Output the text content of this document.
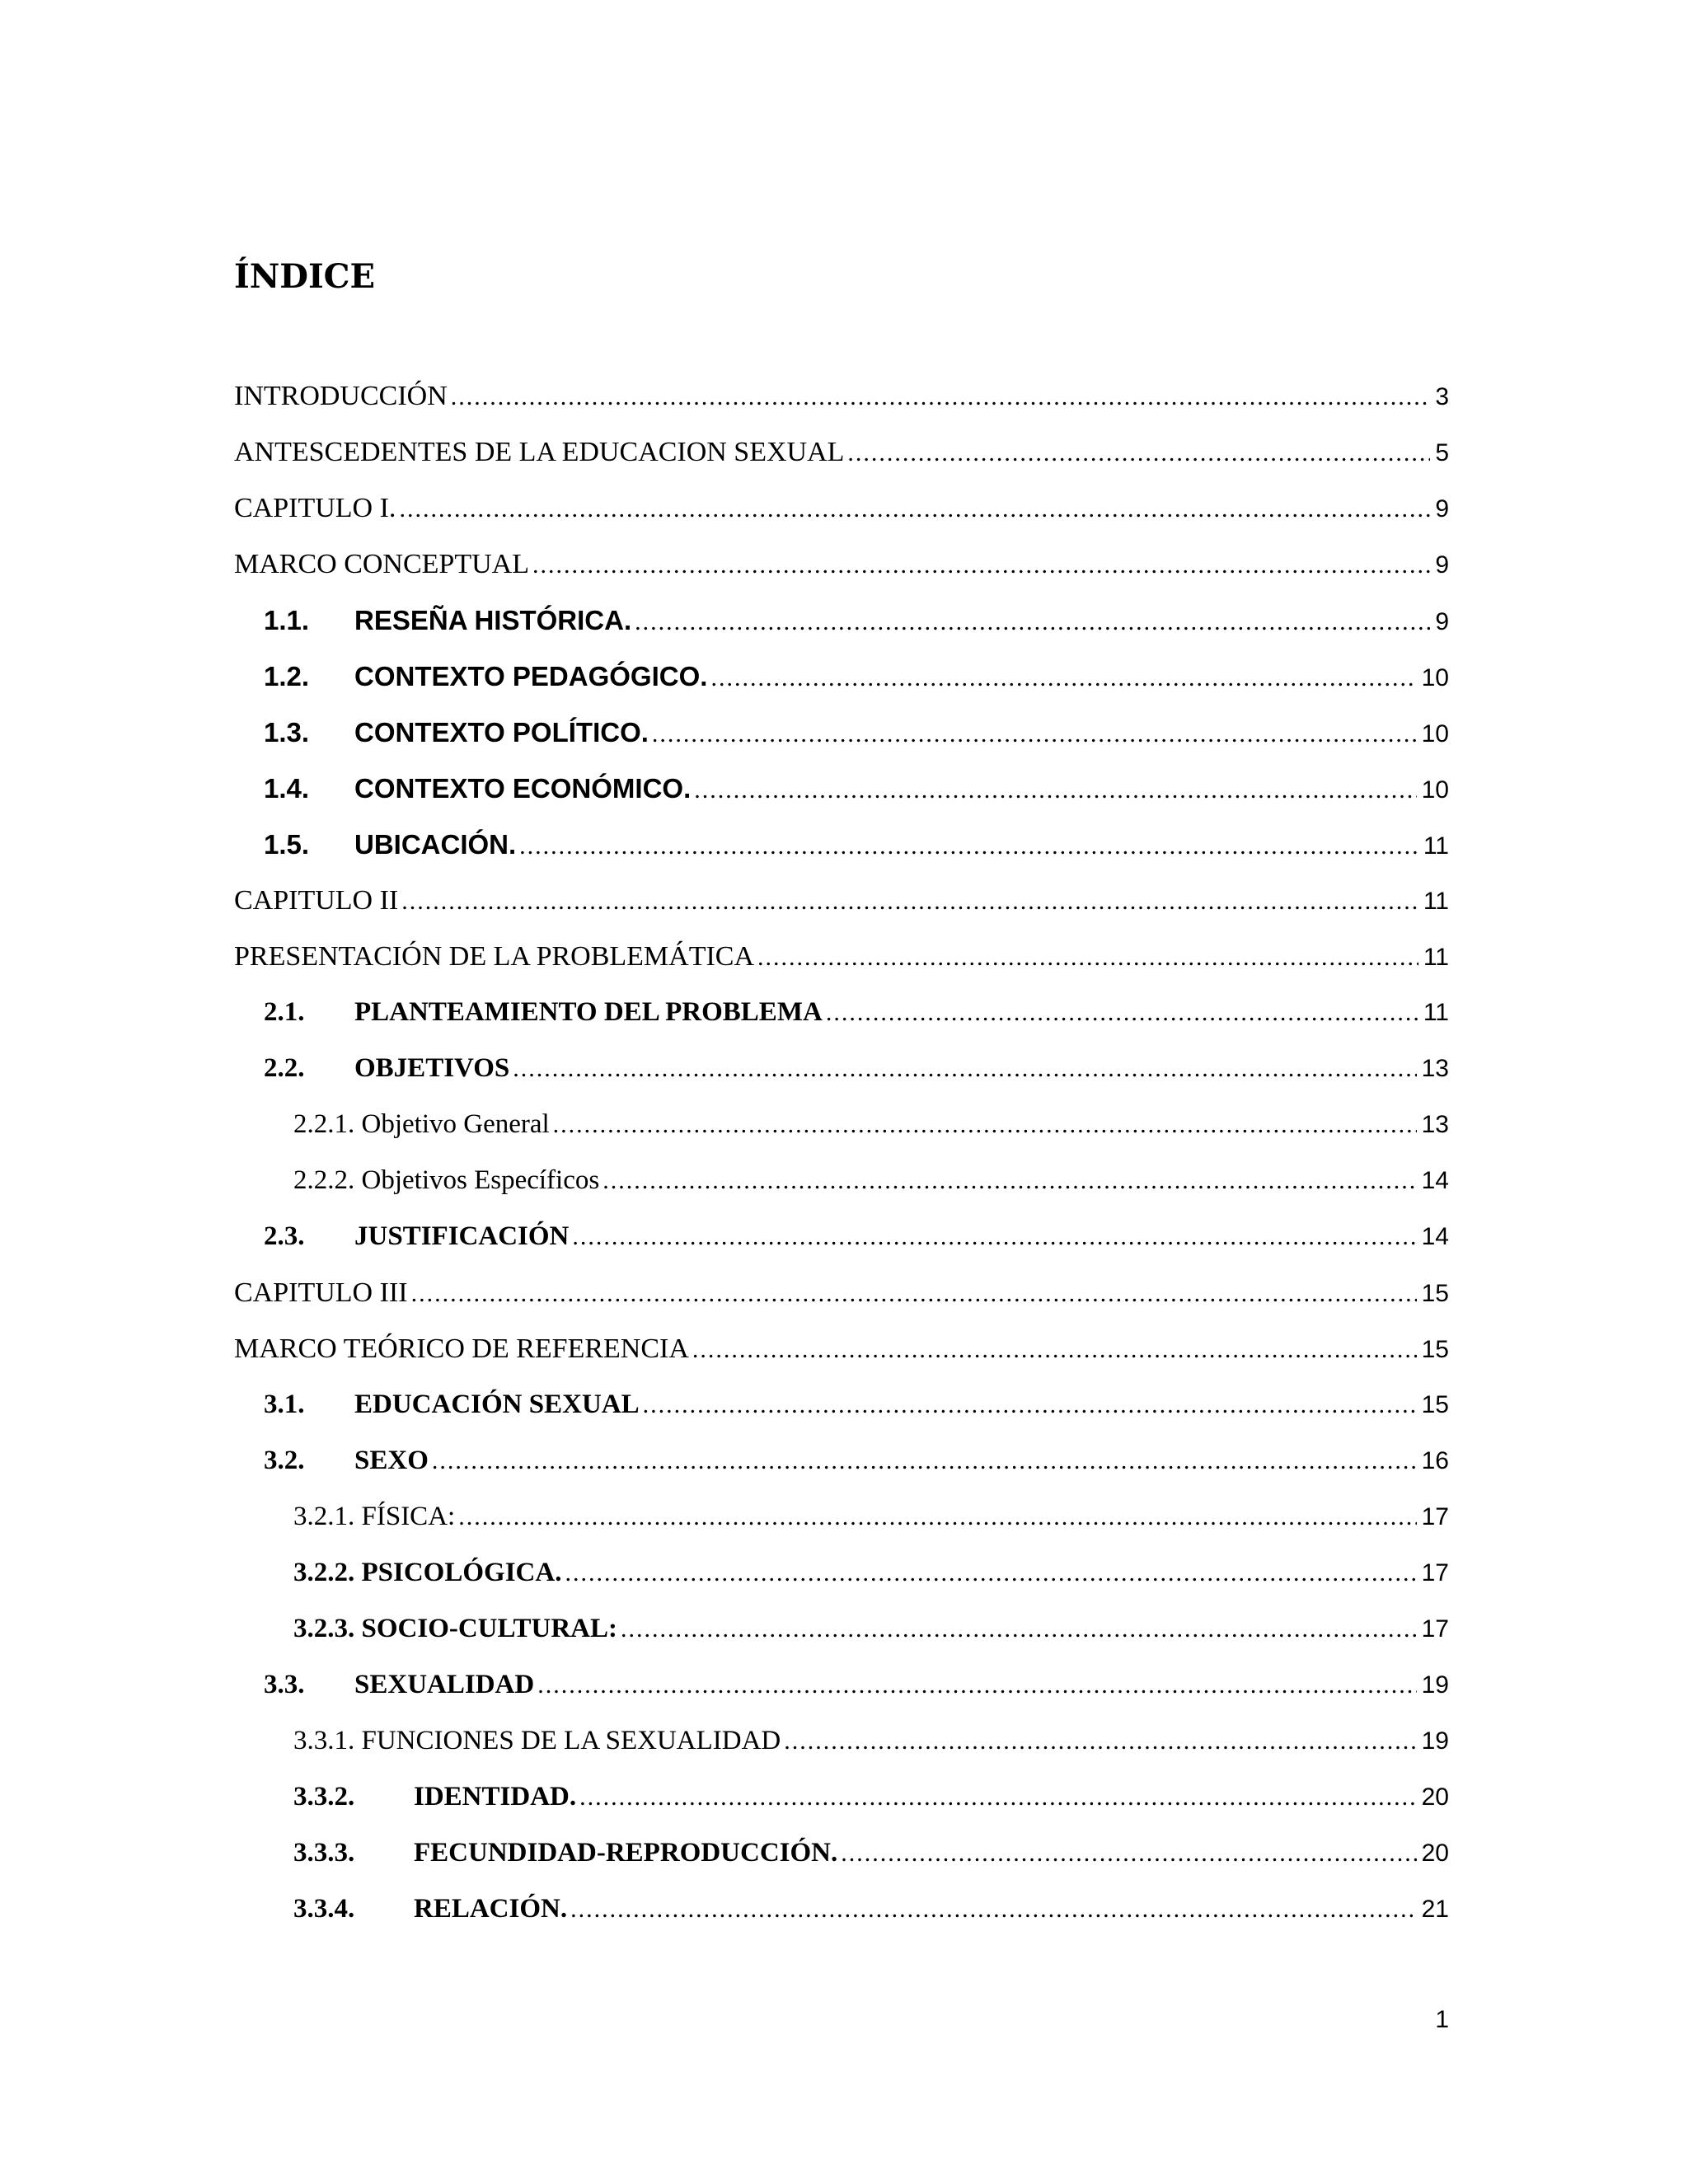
ÍNDICE
INTRODUCCIÓN .....	3
ANTESCEDENTES DE LA EDUCACION SEXUAL .....	5
CAPITULO I. .....	9
MARCO CONCEPTUAL .....	9
1.1.	RESEÑA HISTÓRICA. .....	9
1.2.	CONTEXTO PEDAGÓGICO. .....	10
1.3.	CONTEXTO POLÍTICO. .....	10
1.4.	CONTEXTO ECONÓMICO. .....	10
1.5.	UBICACIÓN. .....	11
CAPITULO II .....	11
PRESENTACIÓN DE LA PROBLEMÁTICA .....	11
2.1.	PLANTEAMIENTO DEL PROBLEMA .....	11
2.2.	OBJETIVOS .....	13
2.2.1. Objetivo General .....	13
2.2.2. Objetivos Específicos .....	14
2.3.	JUSTIFICACIÓN .....	14
CAPITULO III .....	15
MARCO TEÓRICO DE REFERENCIA .....	15
3.1.	EDUCACIÓN SEXUAL .....	15
3.2.	SEXO .....	16
3.2.1. FÍSICA: .....	17
3.2.2. PSICOLÓGICA. .....	17
3.2.3. SOCIO-CULTURAL: .....	17
3.3.	SEXUALIDAD .....	19
3.3.1. FUNCIONES DE LA SEXUALIDAD .....	19
3.3.2.	IDENTIDAD. .....	20
3.3.3.	FECUNDIDAD-REPRODUCCIÓN. .....	20
3.3.4.	RELACIÓN. .....	21
1
